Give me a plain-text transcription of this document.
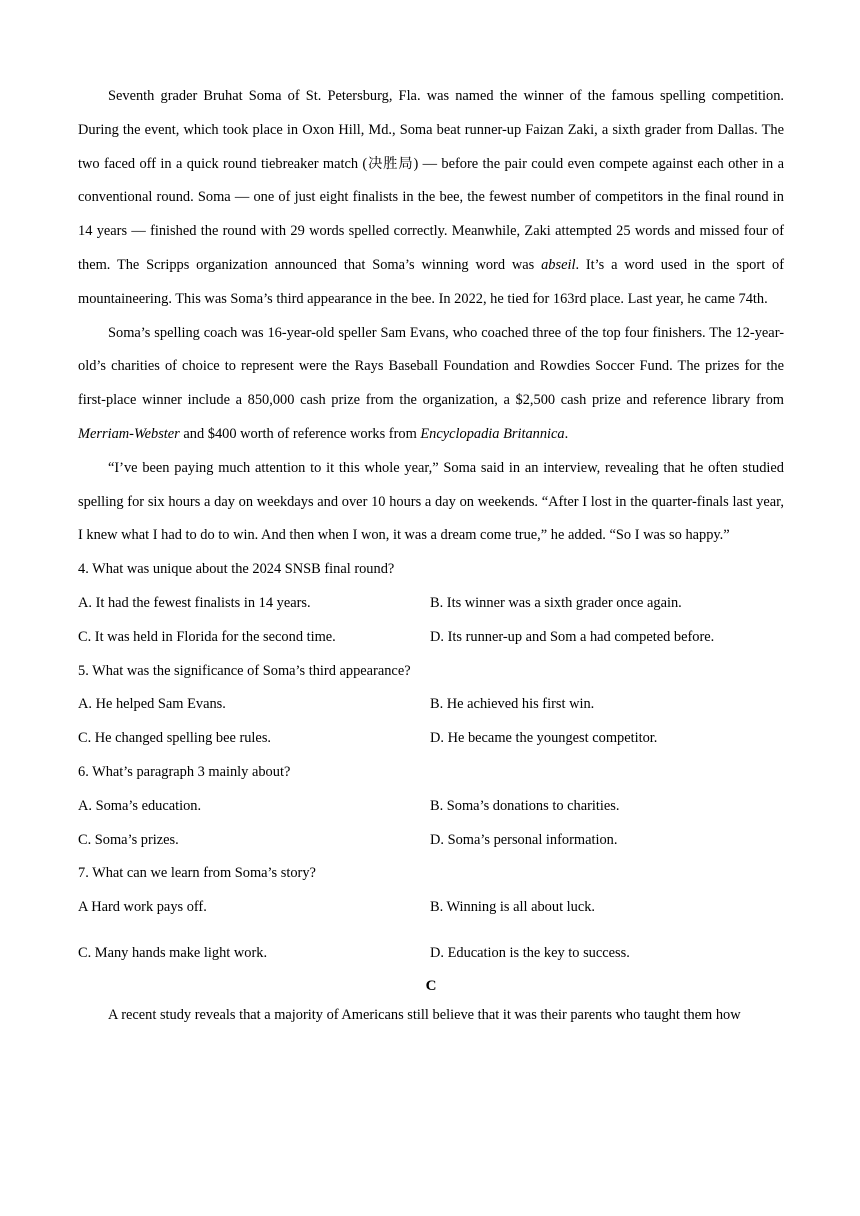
Seventh grader Bruhat Soma of St. Petersburg, Fla. was named the winner of the famous spelling competition. During the event, which took place in Oxon Hill, Md., Soma beat runner-up Faizan Zaki, a sixth grader from Dallas. The two faced off in a quick round tiebreaker match (决胜局) — before the pair could even compete against each other in a conventional round. Soma — one of just eight finalists in the bee, the fewest number of competitors in the final round in 14 years — finished the round with 29 words spelled correctly. Meanwhile, Zaki attempted 25 words and missed four of them. The Scripps organization announced that Soma’s winning word was abseil. It’s a word used in the sport of mountaineering. This was Soma’s third appearance in the bee. In 2022, he tied for 163rd place. Last year, he came 74th.

Soma’s spelling coach was 16-year-old speller Sam Evans, who coached three of the top four finishers. The 12-year-old’s charities of choice to represent were the Rays Baseball Foundation and Rowdies Soccer Fund. The prizes for the first-place winner include a 850,000 cash prize from the organization, a $2,500 cash prize and reference library from Merriam-Webster and $400 worth of reference works from Encyclopadia Britannica.

“I’ve been paying much attention to it this whole year,” Soma said in an interview, revealing that he often studied spelling for six hours a day on weekdays and over 10 hours a day on weekends. “After I lost in the quarter-finals last year, I knew what I had to do to win. And then when I won, it was a dream come true,” he added. “So I was so happy.”

4. What was unique about the 2024 SNSB final round?
A. It had the fewest finalists in 14 years.	B. Its winner was a sixth grader once again.
C. It was held in Florida for the second time.	D. Its runner-up and Som a had competed before.
5. What was the significance of Soma’s third appearance?
A. He helped Sam Evans.	B. He achieved his first win.
C. He changed spelling bee rules.	D. He became the youngest competitor.
6. What’s paragraph 3 mainly about?
A. Soma’s education.	B. Soma’s donations to charities.
C. Soma’s prizes.	D. Soma’s personal information.
7. What can we learn from Soma’s story?
A Hard work pays off.	B. Winning is all about luck.
C. Many hands make light work.	D. Education is the key to success.
C

A recent study reveals that a majority of Americans still believe that it was their parents who taught them how
